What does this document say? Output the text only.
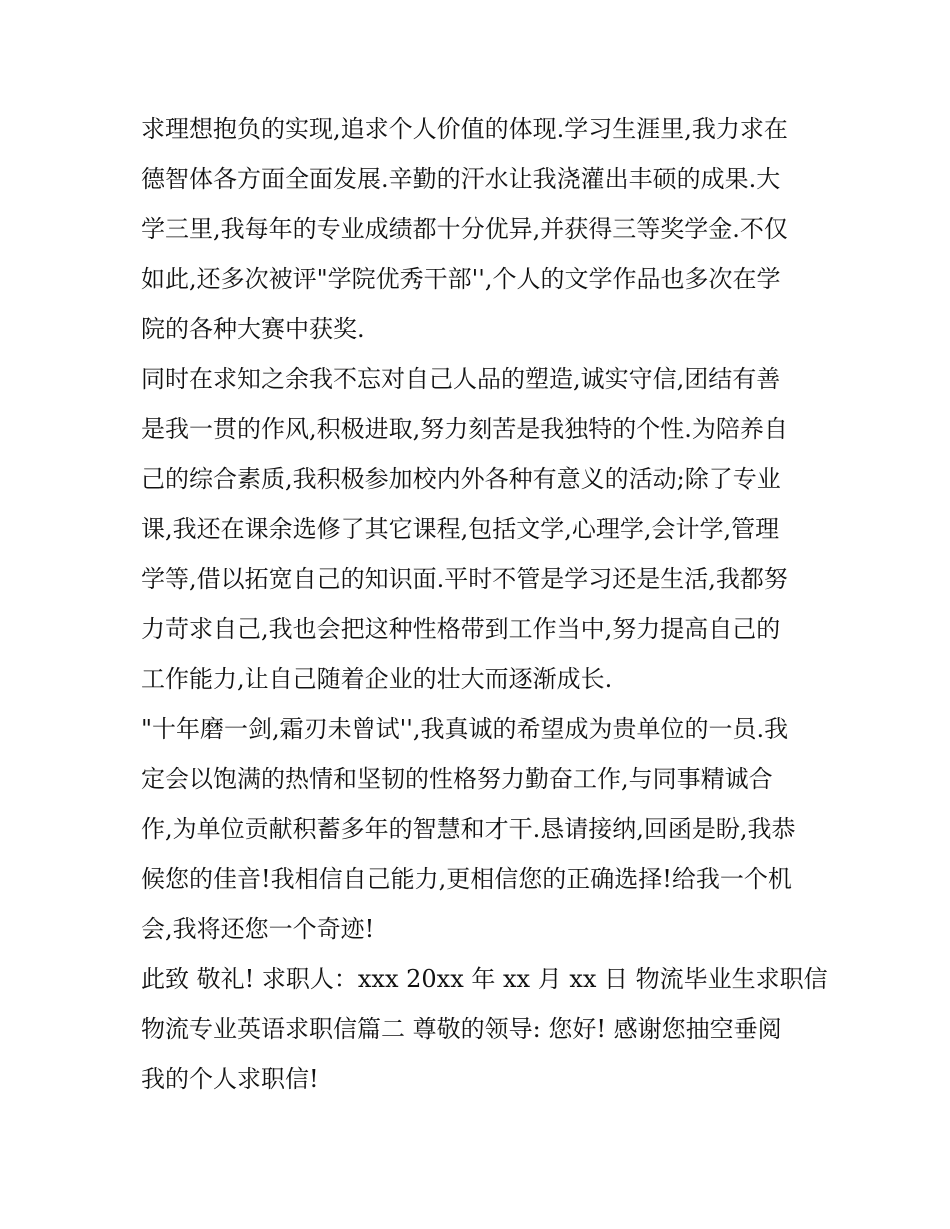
求理想抱负的实现,追求个人价值的体现.学习生涯里,我力求在
德智体各方面全面发展.辛勤的汗水让我浇灌出丰硕的成果.大
学三里,我每年的专业成绩都十分优异,并获得三等奖学金.不仅
如此,还多次被评"学院优秀干部'',个人的文学作品也多次在学
院的各种大赛中获奖.
同时在求知之余我不忘对自己人品的塑造,诚实守信,团结有善
是我一贯的作风,积极进取,努力刻苦是我独特的个性.为陪养自
己的综合素质,我积极参加校内外各种有意义的活动;除了专业
课,我还在课余选修了其它课程,包括文学,心理学,会计学,管理
学等,借以拓宽自己的知识面.平时不管是学习还是生活,我都努
力苛求自己,我也会把这种性格带到工作当中,努力提高自己的
工作能力,让自己随着企业的壮大而逐渐成长.
"十年磨一剑,霜刃未曾试'',我真诚的希望成为贵单位的一员.我
定会以饱满的热情和坚韧的性格努力勤奋工作,与同事精诚合
作,为单位贡献积蓄多年的智慧和才干.恳请接纳,回函是盼,我恭
候您的佳音!我相信自己能力,更相信您的正确选择!给我一个机
会,我将还您一个奇迹!
此致 敬礼! 求职人：xxx 20xx 年 xx 月 xx 日 物流毕业生求职信
物流专业英语求职信篇二 尊敬的领导: 您好! 感谢您抽空垂阅
我的个人求职信!
